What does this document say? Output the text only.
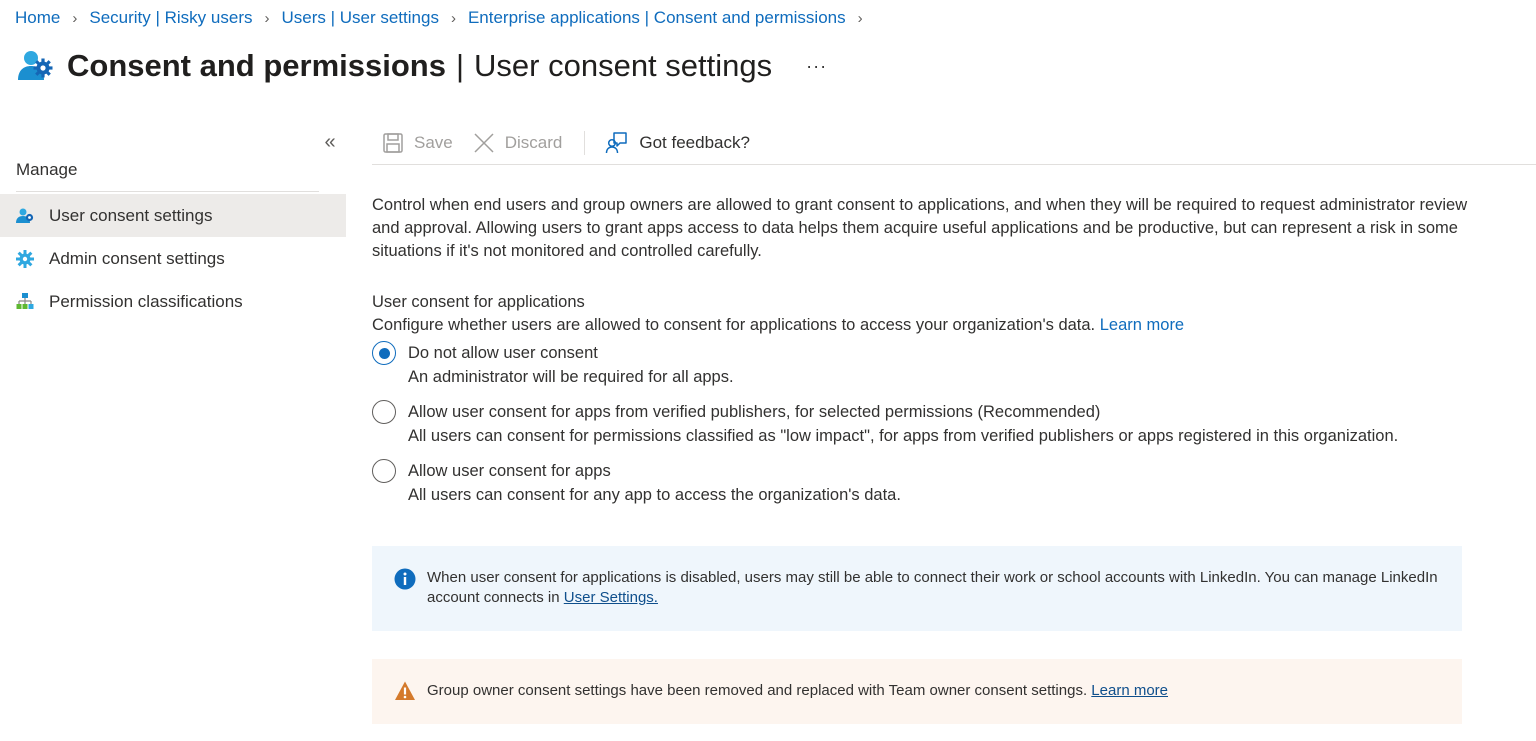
Home › Security | Risky users › Users | User settings › Enterprise applications | Consent and permissions ›
Consent and permissions | User consent settings ···
«
Manage
User consent settings
Admin consent settings
Permission classifications
Save	Discard	Got feedback?

Control when end users and group owners are allowed to grant consent to applications, and when they will be required to request administrator review and approval. Allowing users to grant apps access to data helps them acquire useful applications and be productive, but can represent a risk in some situations if it's not monitored and controlled carefully.

User consent for applications
Configure whether users are allowed to consent for applications to access your organization's data. Learn more
Do not allow user consent
An administrator will be required for all apps.
Allow user consent for apps from verified publishers, for selected permissions (Recommended)
All users can consent for permissions classified as "low impact", for apps from verified publishers or apps registered in this organization.
Allow user consent for apps
All users can consent for any app to access the organization's data.
When user consent for applications is disabled, users may still be able to connect their work or school accounts with LinkedIn. You can manage LinkedIn account connects in User Settings.
Group owner consent settings have been removed and replaced with Team owner consent settings. Learn more
